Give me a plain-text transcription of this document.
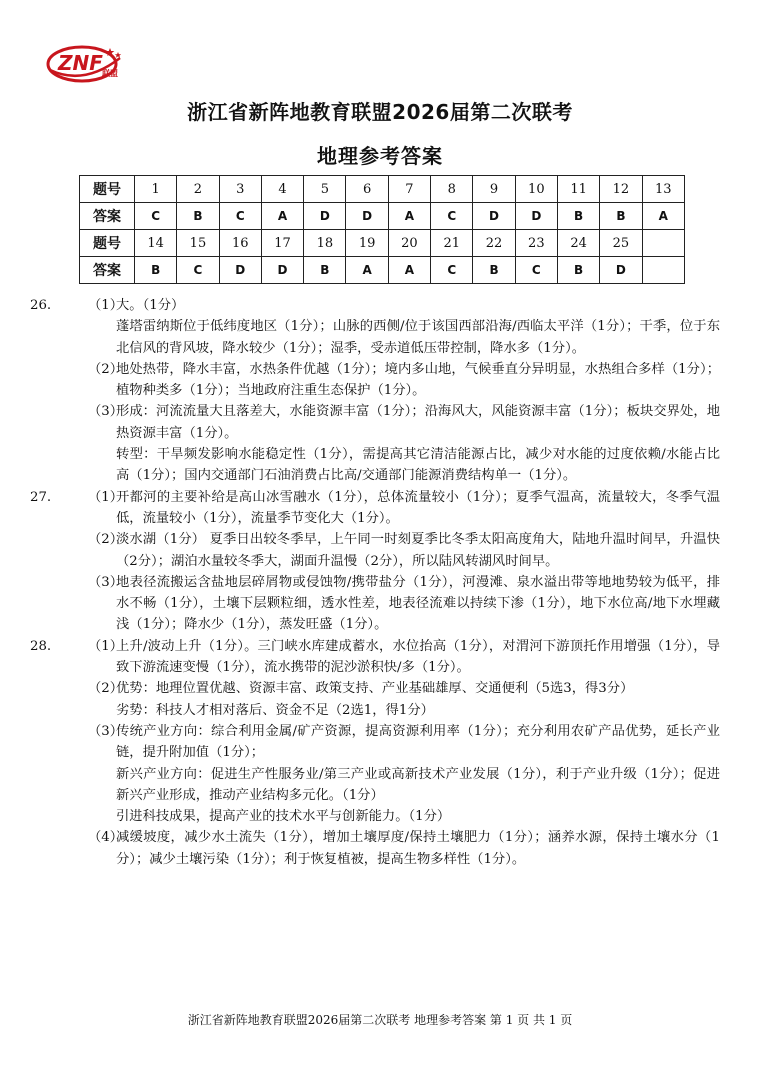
ZNF 联盟
浙江省新阵地教育联盟2026届第二次联考
地理参考答案
题号	1	2	3	4	5	6	7	8	9	10	11	12	13
答案	C	B	C	A	D	D	A	C	D	D	B	B	A
题号	14	15	16	17	18	19	20	21	22	23	24	25	
答案	B	C	D	D	B	A	A	C	B	C	B	D	
26.	（1）

大。（1分）

蓬塔雷纳斯位于低纬度地区（1分）；山脉的西侧/位于该国西部沿海/西临太平洋（1分）；干季，位于东北信风的背风坡，降水较少（1分）；湿季，受赤道低压带控制，降水多（1分）。

（2）

地处热带，降水丰富，水热条件优越（1分）；境内多山地，气候垂直分异明显，水热组合多样（1分）；植物种类多（1分）；当地政府注重生态保护（1分）。

（3）

形成：河流流量大且落差大，水能资源丰富（1分）；沿海风大，风能资源丰富（1分）；板块交界处，地热资源丰富（1分）。

转型：干旱频发影响水能稳定性（1分），需提高其它清洁能源占比，减少对水能的过度依赖/水能占比高（1分）；国内交通部门石油消费占比高/交通部门能源消费结构单一（1分）。

27.	（1）

开都河的主要补给是高山冰雪融水（1分），总体流量较小（1分）；夏季气温高，流量较大，冬季气温低，流量较小（1分），流量季节变化大（1分）。

（2）

淡水湖（1分） 夏季日出较冬季早，上午同一时刻夏季比冬季太阳高度角大，陆地升温时间早，升温快（2分）；湖泊水量较冬季大，湖面升温慢（2分），所以陆风转湖风时间早。

（3）

地表径流搬运含盐地层碎屑物或侵蚀物/携带盐分（1分），河漫滩、泉水溢出带等地地势较为低平，排水不畅（1分），土壤下层颗粒细，透水性差，地表径流难以持续下渗（1分），地下水位高/地下水埋藏浅（1分）；降水少（1分），蒸发旺盛（1分）。

28.	（1）

上升/波动上升（1分）。三门峡水库建成蓄水，水位抬高（1分），对渭河下游顶托作用增强（1分），导致下游流速变慢（1分），流水携带的泥沙淤积快/多（1分）。

（2）

优势：地理位置优越、资源丰富、政策支持、产业基础雄厚、交通便利（5选3，得3分）

劣势：科技人才相对落后、资金不足（2选1，得1分）

（3）

传统产业方向：综合利用金属/矿产资源，提高资源利用率（1分）；充分利用农矿产品优势，延长产业链，提升附加值（1分）；

新兴产业方向：促进生产性服务业/第三产业或高新技术产业发展（1分），利于产业升级（1分）；促进新兴产业形成，推动产业结构多元化。（1分）

引进科技成果，提高产业的技术水平与创新能力。（1分）

（4）

减缓坡度，减少水土流失（1分），增加土壤厚度/保持土壤肥力（1分）；涵养水源，保持土壤水分（1分）；减少土壤污染（1分）；利于恢复植被，提高生物多样性（1分）。

浙江省新阵地教育联盟2026届第二次联考 地理参考答案 第 1 页 共 1 页
